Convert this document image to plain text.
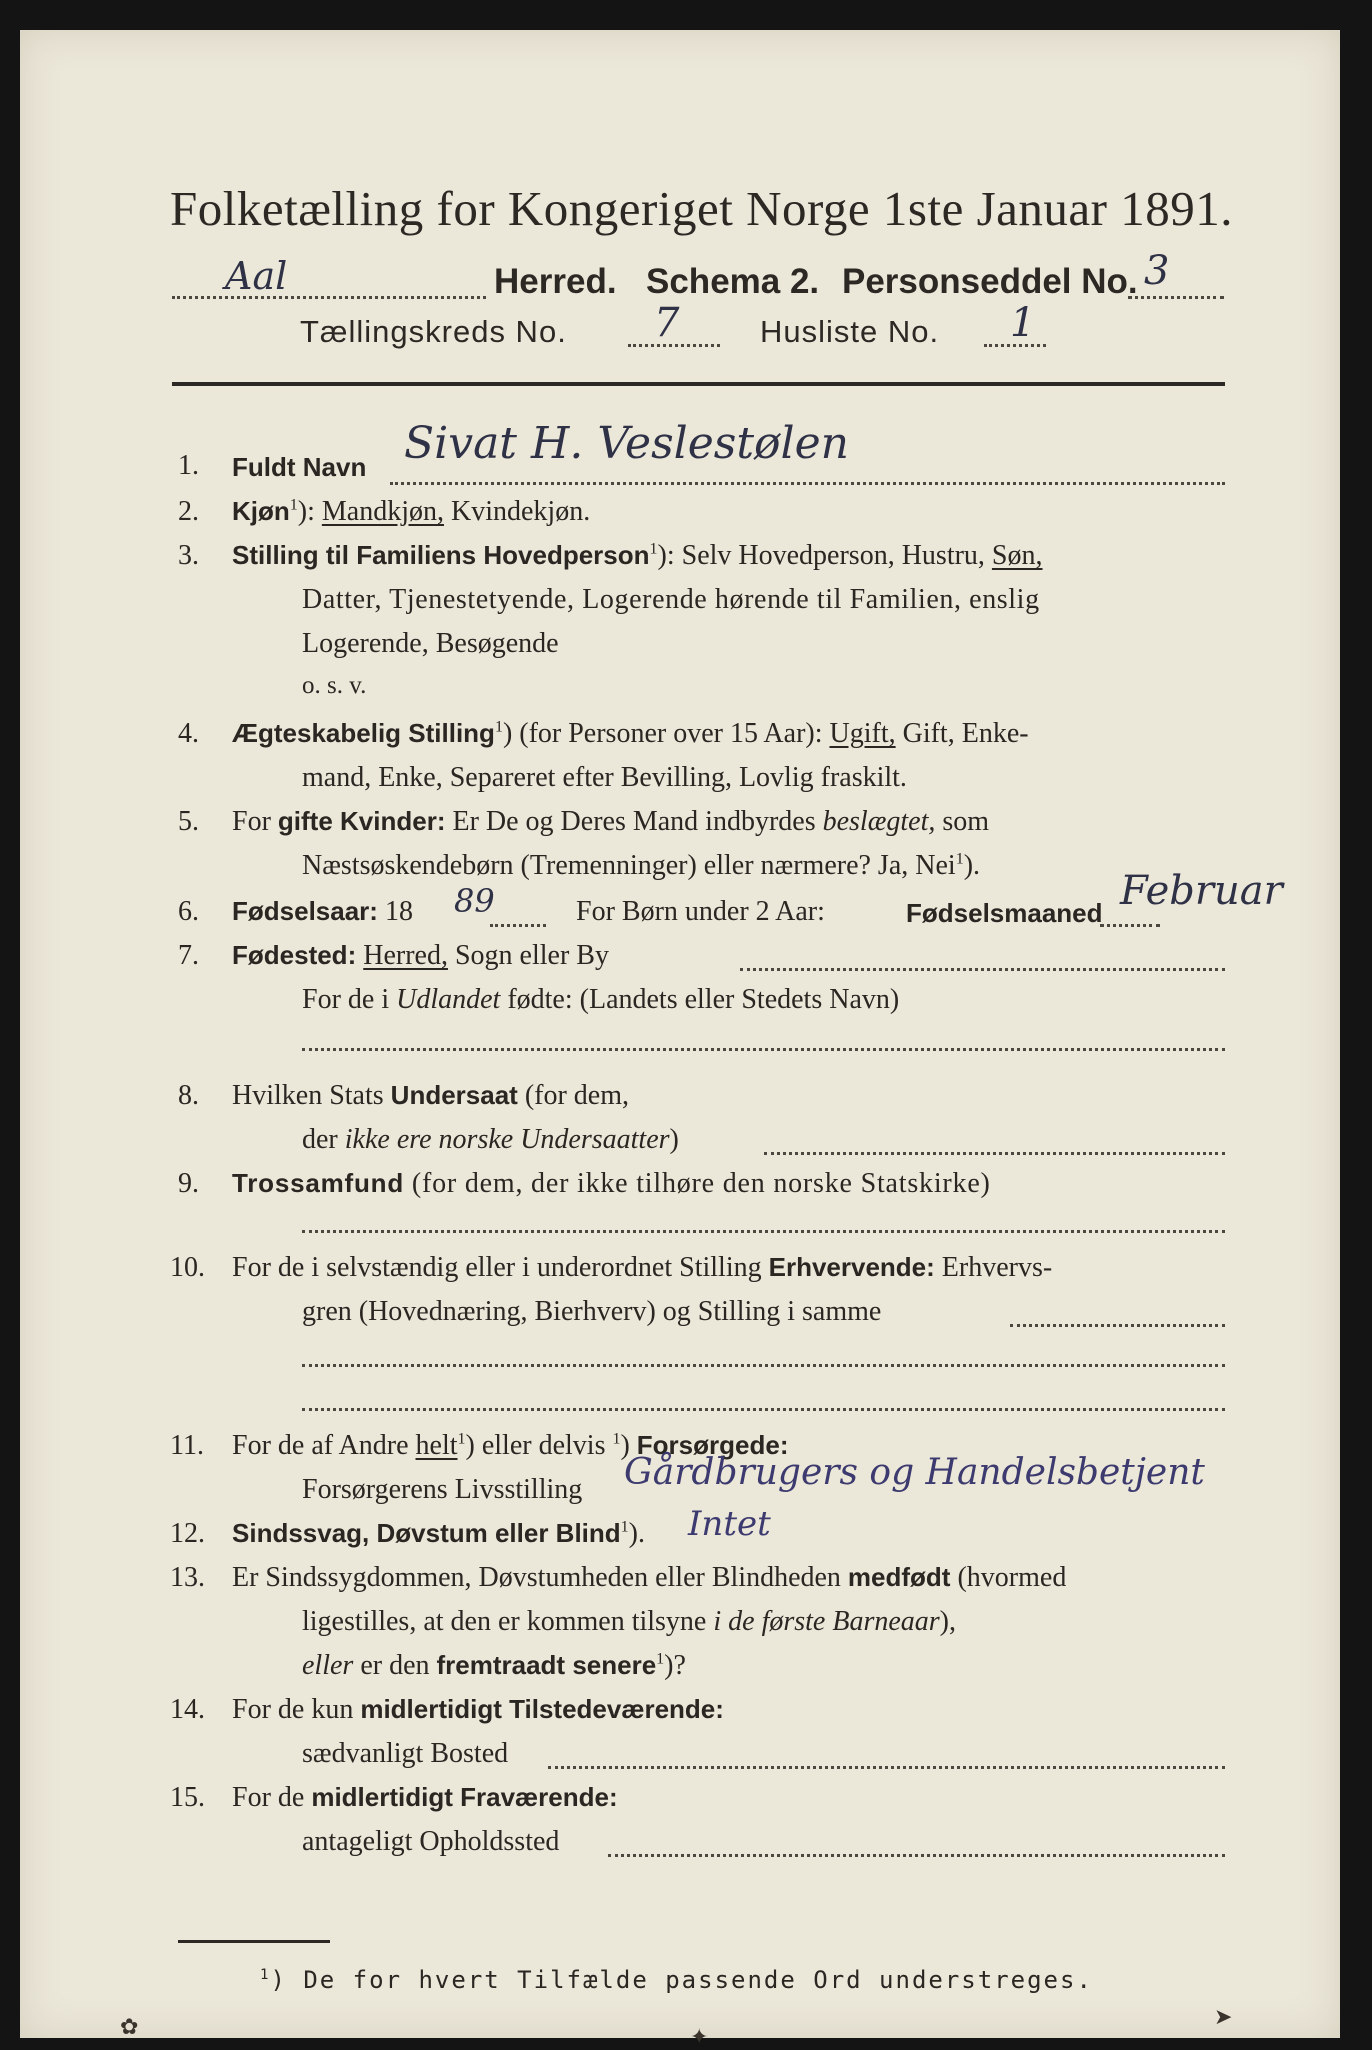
Folketælling for Kongeriget Norge 1ste Januar 1891.
Aal	Herred. Schema 2. Personseddel No. 3
Tællingskreds No. 7	Husliste No. 1
1. Fuldt Navn Sivat H. Veslestølen
2. Kjøn$^1$): Mandkjøn, Kvindekjøn.
3. Stilling til Familiens Hovedperson$^1$): Selv Hovedperson, Hustru, Søn,
Datter, Tjenestetyende, Logerende hørende til Familien, enslig
Logerende, Besøgende
o. s. v.
4. Ægteskabelig Stilling$^1$) (for Personer over 15 Aar): Ugift, Gift, Enke-
mand, Enke, Separeret efter Bevilling, Lovlig fraskilt.
5. For gifte Kvinder: Er De og Deres Mand indbyrdes beslægtet, som
Næstsøskendebørn (Tremenninger) eller nærmere? Ja, Nei$^1$).
6. Fødselsaar: 18 89	For Børn under 2 Aar:	Fødselsmaaned Februar
7. Fødested: Herred, Sogn eller By
For de i Udlandet fødte: (Landets eller Stedets Navn)
8. Hvilken Stats Undersaat (for dem,
der ikke ere norske Undersaatter)
9. Trossamfund (for dem, der ikke tilhøre den norske Statskirke)
10. For de i selvstændig eller i underordnet Stilling Erhvervende: Erhvervs-
gren (Hovednæring, Bierhverv) og Stilling i samme
11. For de af Andre helt$^1$) eller delvis $^1$) Forsørgede:
Forsørgerens Livsstilling Gårdbrugers og Handelsbetjent
12. Sindssvag, Døvstum eller Blind$^1$). Intet
13. Er Sindssygdommen, Døvstumheden eller Blindheden medfødt (hvormed
ligestilles, at den er kommen tilsyne i de første Barneaar),
eller er den fremtraadt senere$^1$)?
14. For de kun midlertidigt Tilstedeværende:
sædvanligt Bosted
15. For de midlertidigt Fraværende:
antageligt Opholdssted
$^1$) De for hvert Tilfælde passende Ord understreges.
✿	✦
➤
